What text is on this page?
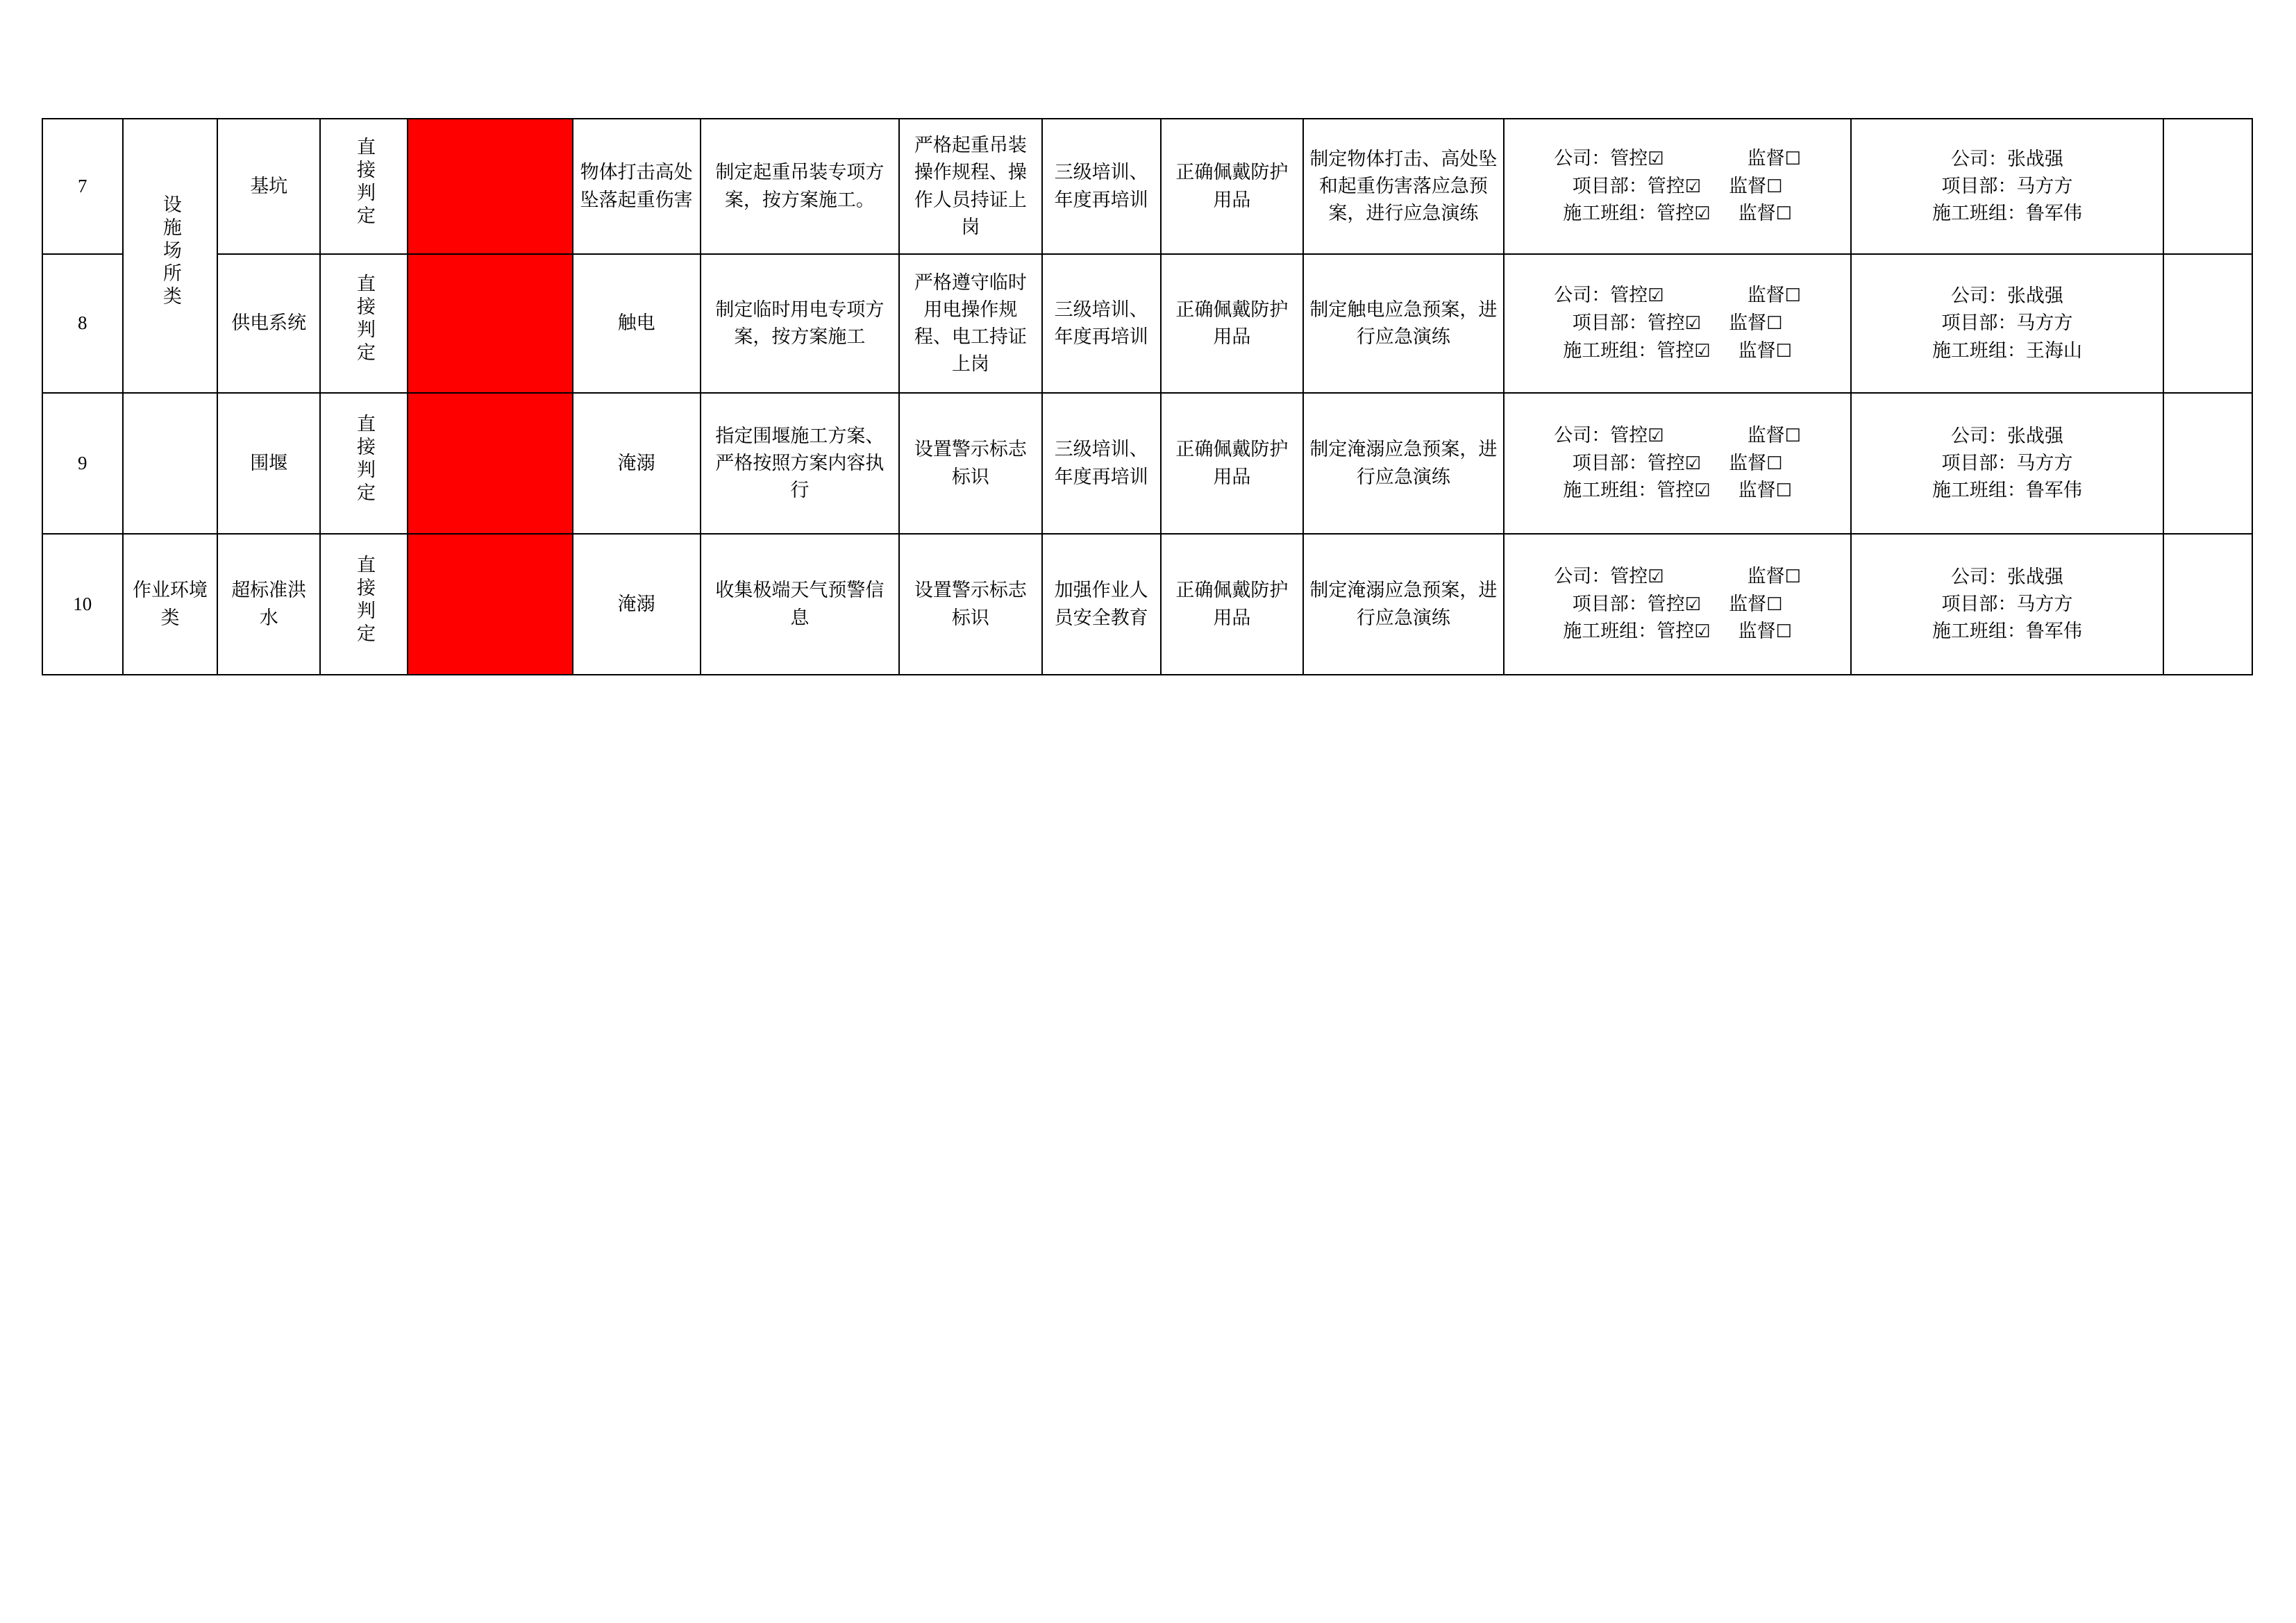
7	设施场所类	基坑	直接判定	重大风险	物体打击高处坠落起重伤害	制定起重吊装专项方案，按方案施工。	严格起重吊装操作规程、操作人员持证上岗	三级培训、年度再培训	正确佩戴防护用品	制定物体打击、高处坠和起重伤害落应急预案，进行应急演练	公司：管控☑ 监督☐
项目部：管控☑ 监督☐
施工班组：管控☑ 监督☐	公司：张战强
项目部：马方方
施工班组：鲁军伟	

8		供电系统	直接判定	重大风险	触电	制定临时用电专项方案，按方案施工	严格遵守临时用电操作规 程、电工持证上岗	三级培训、年度再培训	正确佩戴防护用品	制定触电应急预案，进行应急演练	公司：管控☑ 监督☐
项目部：管控☑ 监督☐
施工班组：管控☑ 监督☐	公司：张战强
项目部：马方方
施工班组：王海山	

9		围堰	直接判定	重大风险	淹溺	指定围堰施工方案、严格按照方案内容执行	设置警示标志标识	三级培训、年度再培训	正确佩戴防护用品	制定淹溺应急预案，进行应急演练	公司：管控☑ 监督☐
项目部：管控☑ 监督☐
施工班组：管控☑ 监督☐	公司：张战强
项目部：马方方
施工班组：鲁军伟	

10	作业环境类	超标准洪水	直接判定	重大风险	淹溺	收集极端天气预警信息	设置警示标志标识	加强作业人员安全教育	正确佩戴防护用品	制定淹溺应急预案，进行应急演练	公司：管控☑ 监督☐
项目部：管控☑ 监督☐
施工班组：管控☑ 监督☐	公司：张战强
项目部：马方方
施工班组：鲁军伟	
